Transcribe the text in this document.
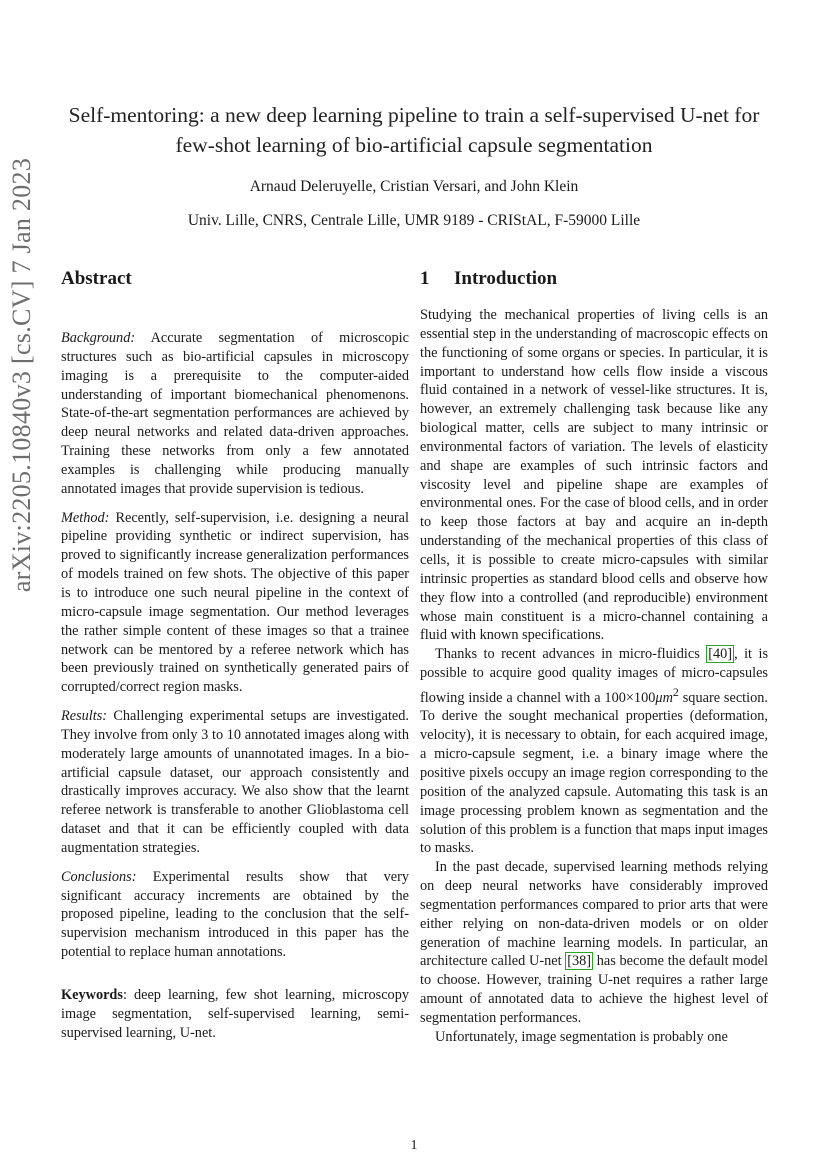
arXiv:2205.10840v3 [cs.CV] 7 Jan 2023
Self-mentoring: a new deep learning pipeline to train a self-supervised U-net for few-shot learning of bio-artificial capsule segmentation
Arnaud Deleruyelle, Cristian Versari, and John Klein
Univ. Lille, CNRS, Centrale Lille, UMR 9189 - CRIStAL, F-59000 Lille
Abstract

Background: Accurate segmentation of microscopic structures such as bio-artificial capsules in microscopy imaging is a prerequisite to the computer-aided understanding of important biomechanical phenomenons. State-of-the-art segmentation performances are achieved by deep neural networks and related data-driven approaches. Training these networks from only a few annotated examples is challenging while producing manually annotated images that provide supervision is tedious.

Method: Recently, self-supervision, i.e. designing a neural pipeline providing synthetic or indirect supervision, has proved to significantly increase generalization performances of models trained on few shots. The objective of this paper is to introduce one such neural pipeline in the context of micro-capsule image segmentation. Our method leverages the rather simple content of these images so that a trainee network can be mentored by a referee network which has been previously trained on synthetically generated pairs of corrupted/correct region masks.

Results: Challenging experimental setups are investigated. They involve from only 3 to 10 annotated images along with moderately large amounts of unannotated images. In a bio-artificial capsule dataset, our approach consistently and drastically improves accuracy. We also show that the learnt referee network is transferable to another Glioblastoma cell dataset and that it can be efficiently coupled with data augmentation strategies.

Conclusions: Experimental results show that very significant accuracy increments are obtained by the proposed pipeline, leading to the conclusion that the self-supervision mechanism introduced in this paper has the potential to replace human annotations.

Keywords: deep learning, few shot learning, microscopy image segmentation, self-supervised learning, semi-supervised learning, U-net.

1 Introduction

Studying the mechanical properties of living cells is an essential step in the understanding of macroscopic effects on the functioning of some organs or species. In particular, it is important to understand how cells flow inside a viscous fluid contained in a network of vessel-like structures. It is, however, an extremely challenging task because like any biological matter, cells are subject to many intrinsic or environmental factors of variation. The levels of elasticity and shape are examples of such intrinsic factors and viscosity level and pipeline shape are examples of environmental ones. For the case of blood cells, and in order to keep those factors at bay and acquire an in-depth understanding of the mechanical properties of this class of cells, it is possible to create micro-capsules with similar intrinsic properties as standard blood cells and observe how they flow into a controlled (and reproducible) environment whose main constituent is a micro-channel containing a fluid with known specifications.

Thanks to recent advances in micro-fluidics [40] , it is possible to acquire good quality images of micro-capsules flowing inside a channel with a $100\times 100\mu m^2$ square section. To derive the sought mechanical properties (deformation, velocity), it is necessary to obtain, for each acquired image, a micro-capsule segment, i.e. a binary image where the positive pixels occupy an image region corresponding to the position of the analyzed capsule. Automating this task is an image processing problem known as segmentation and the solution of this problem is a function that maps input images to masks.

In the past decade, supervised learning methods relying on deep neural networks have considerably improved segmentation performances compared to prior arts that were either relying on non-data-driven models or on older generation of machine learning models. In particular, an architecture called U-net [38] has become the default model to choose. However, training U-net requires a rather large amount of annotated data to achieve the highest level of segmentation performances.

Unfortunately, image segmentation is probably one

1
